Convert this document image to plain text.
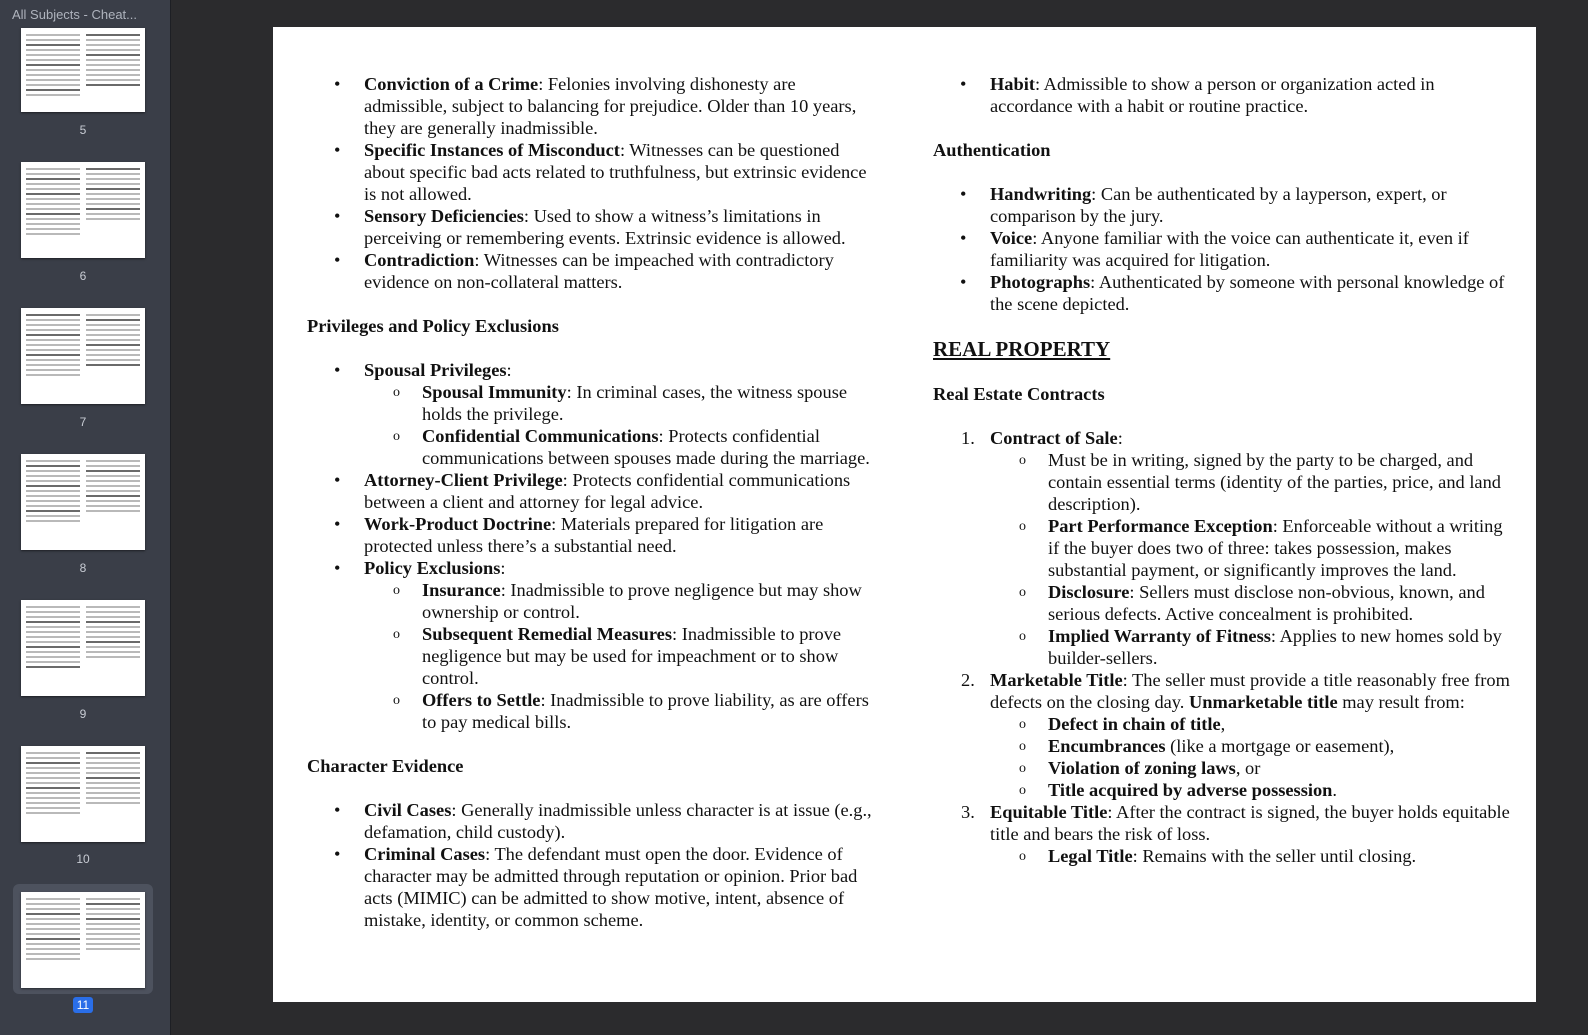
All Subjects - Cheat...
5
6
7
8
9
10
11
• Conviction of a Crime: Felonies involving dishonesty are admissible, subject to balancing for prejudice. Older than 10 years, they are generally inadmissible.
• Specific Instances of Misconduct: Witnesses can be questioned about specific bad acts related to truthfulness, but extrinsic evidence is not allowed.
• Sensory Deficiencies: Used to show a witness’s limitations in perceiving or remembering events. Extrinsic evidence is allowed.
• Contradiction: Witnesses can be impeached with contradictory evidence on non-collateral matters.
Privileges and Policy Exclusions
• Spousal Privileges:
o Spousal Immunity: In criminal cases, the witness spouse holds the privilege.
o Confidential Communications: Protects confidential communications between spouses made during the marriage.
• Attorney-Client Privilege: Protects confidential communications between a client and attorney for legal advice.
• Work-Product Doctrine: Materials prepared for litigation are protected unless there’s a substantial need.
• Policy Exclusions:
o Insurance: Inadmissible to prove negligence but may show ownership or control.
o Subsequent Remedial Measures: Inadmissible to prove negligence but may be used for impeachment or to show control.
o Offers to Settle: Inadmissible to prove liability, as are offers to pay medical bills.
Character Evidence
• Civil Cases: Generally inadmissible unless character is at issue (e.g., defamation, child custody).
• Criminal Cases: The defendant must open the door. Evidence of character may be admitted through reputation or opinion. Prior bad acts (MIMIC) can be admitted to show motive, intent, absence of mistake, identity, or common scheme.
• Habit: Admissible to show a person or organization acted in accordance with a habit or routine practice.
Authentication
• Handwriting: Can be authenticated by a layperson, expert, or comparison by the jury.
• Voice: Anyone familiar with the voice can authenticate it, even if familiarity was acquired for litigation.
• Photographs: Authenticated by someone with personal knowledge of the scene depicted.
REAL PROPERTY
Real Estate Contracts
1. Contract of Sale:
o Must be in writing, signed by the party to be charged, and contain essential terms (identity of the parties, price, and land description).
o Part Performance Exception: Enforceable without a writing if the buyer does two of three: takes possession, makes substantial payment, or significantly improves the land.
o Disclosure: Sellers must disclose non-obvious, known, and serious defects. Active concealment is prohibited.
o Implied Warranty of Fitness: Applies to new homes sold by builder-sellers.
2. Marketable Title: The seller must provide a title reasonably free from defects on the closing day. Unmarketable title may result from:
o Defect in chain of title,
o Encumbrances (like a mortgage or easement),
o Violation of zoning laws, or
o Title acquired by adverse possession.
3. Equitable Title: After the contract is signed, the buyer holds equitable title and bears the risk of loss.
o Legal Title: Remains with the seller until closing.
